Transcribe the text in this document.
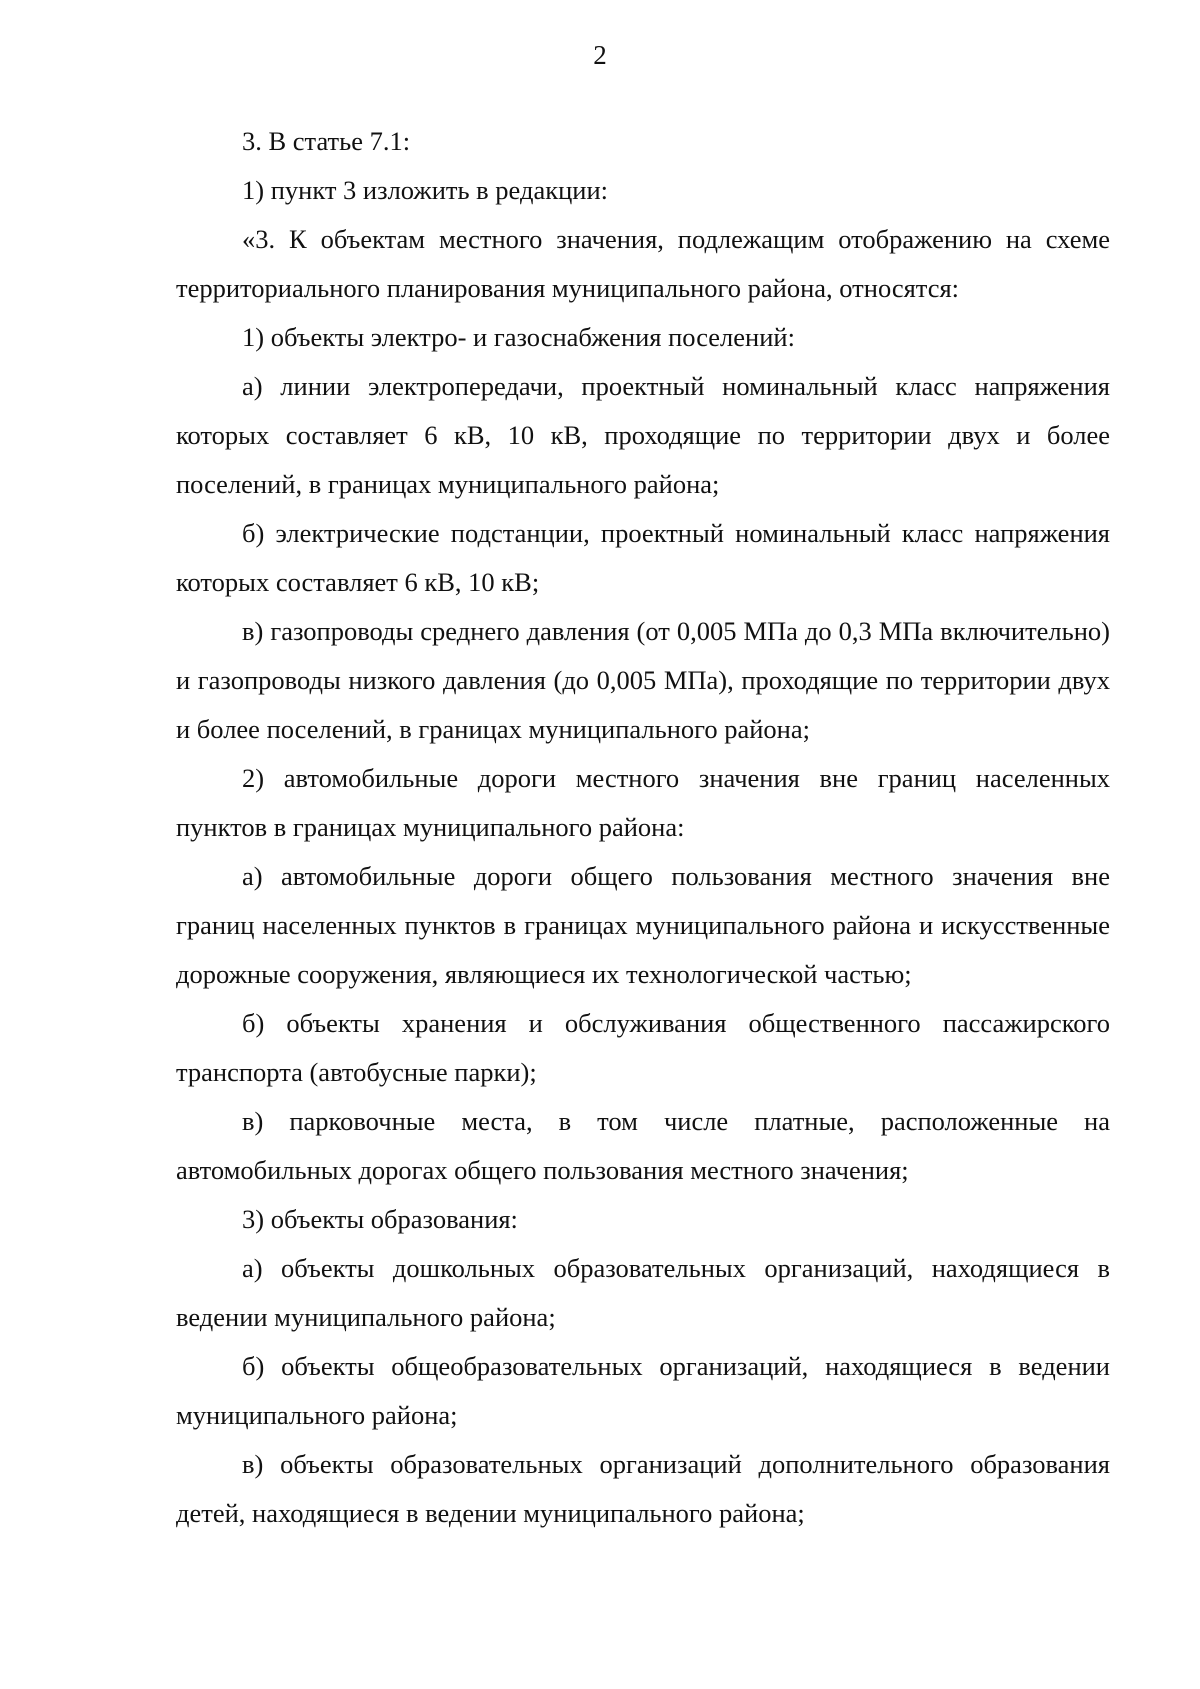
2

3. В статье 7.1:

1) пункт 3 изложить в редакции:

«3. К объектам местного значения, подлежащим отображению на схеме территориального планирования муниципального района, относятся:

1) объекты электро- и газоснабжения поселений:

а) линии электропередачи, проектный номинальный класс напряжения которых составляет 6 кВ, 10 кВ, проходящие по территории двух и более поселений, в границах муниципального района;

б) электрические подстанции, проектный номинальный класс напряжения которых составляет 6 кВ, 10 кВ;

в) газопроводы среднего давления (от 0,005 МПа до 0,3 МПа включительно) и газопроводы низкого давления (до 0,005 МПа), проходящие по территории двух и более поселений, в границах муниципального района;

2) автомобильные дороги местного значения вне границ населенных пунктов в границах муниципального района:

а) автомобильные дороги общего пользования местного значения вне границ населенных пунктов в границах муниципального района и искусственные дорожные сооружения, являющиеся их технологической частью;

б) объекты хранения и обслуживания общественного пассажирского транспорта (автобусные парки);

в) парковочные места, в том числе платные, расположенные на автомобильных дорогах общего пользования местного значения;

3) объекты образования:

а) объекты дошкольных образовательных организаций, находящиеся в ведении муниципального района;

б) объекты общеобразовательных организаций, находящиеся в ведении муниципального района;

в) объекты образовательных организаций дополнительного образования детей, находящиеся в ведении муниципального района;
